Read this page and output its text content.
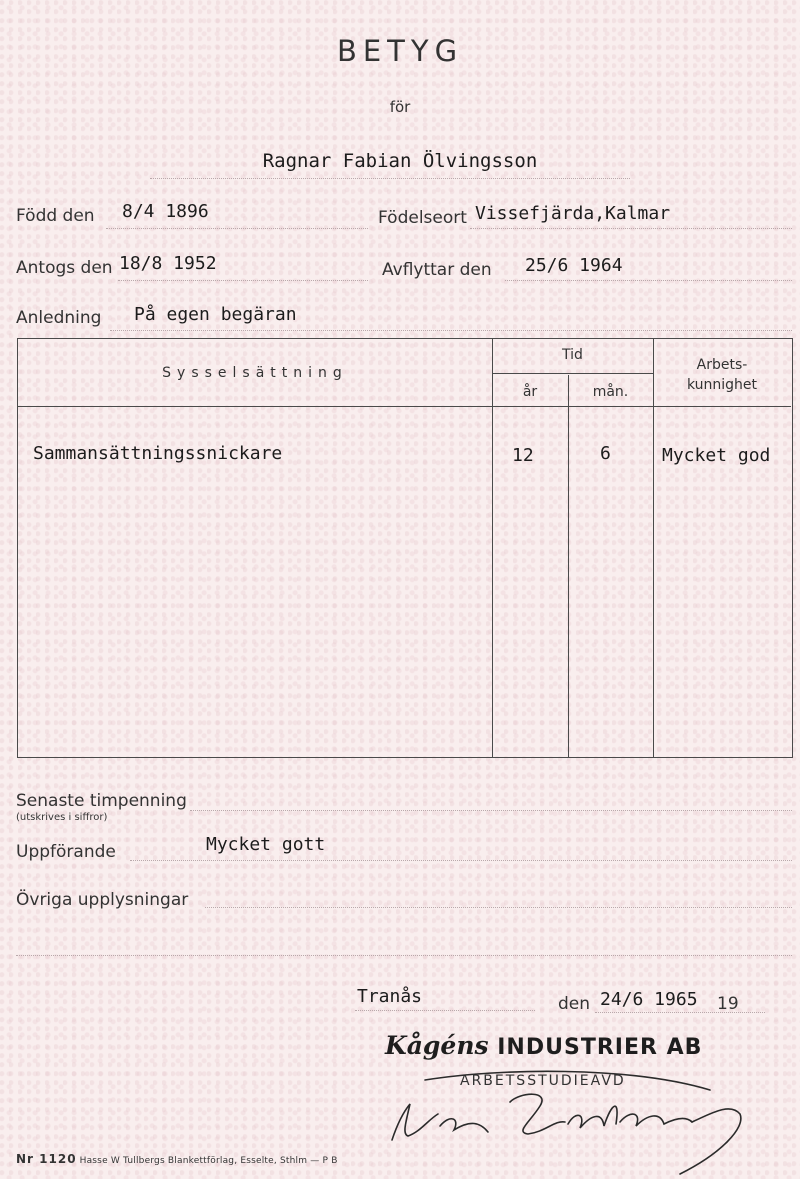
BETYG
för
Ragnar Fabian Ölvingsson
Född den 8/4 1896	Födelseort Vissefjärda,Kalmar
Antogs den 18/8 1952	Avflyttar den 25/6 1964
Anledning På egen begäran
Sysselsättning
Tid
år	mån.
Arbets-
kunnighet
Sammansättningssnickare	12	6	Mycket god
Senaste timpenning
(utskrives i siffror)
Uppförande	Mycket gott
Övriga upplysningar
Tranås	den 24/6 1965 19
Kågéns INDUSTRIER AB
ARBETSSTUDIEAVD
Nr 1120 Hasse W Tullbergs Blankettförlag, Esselte, Sthlm — P B
